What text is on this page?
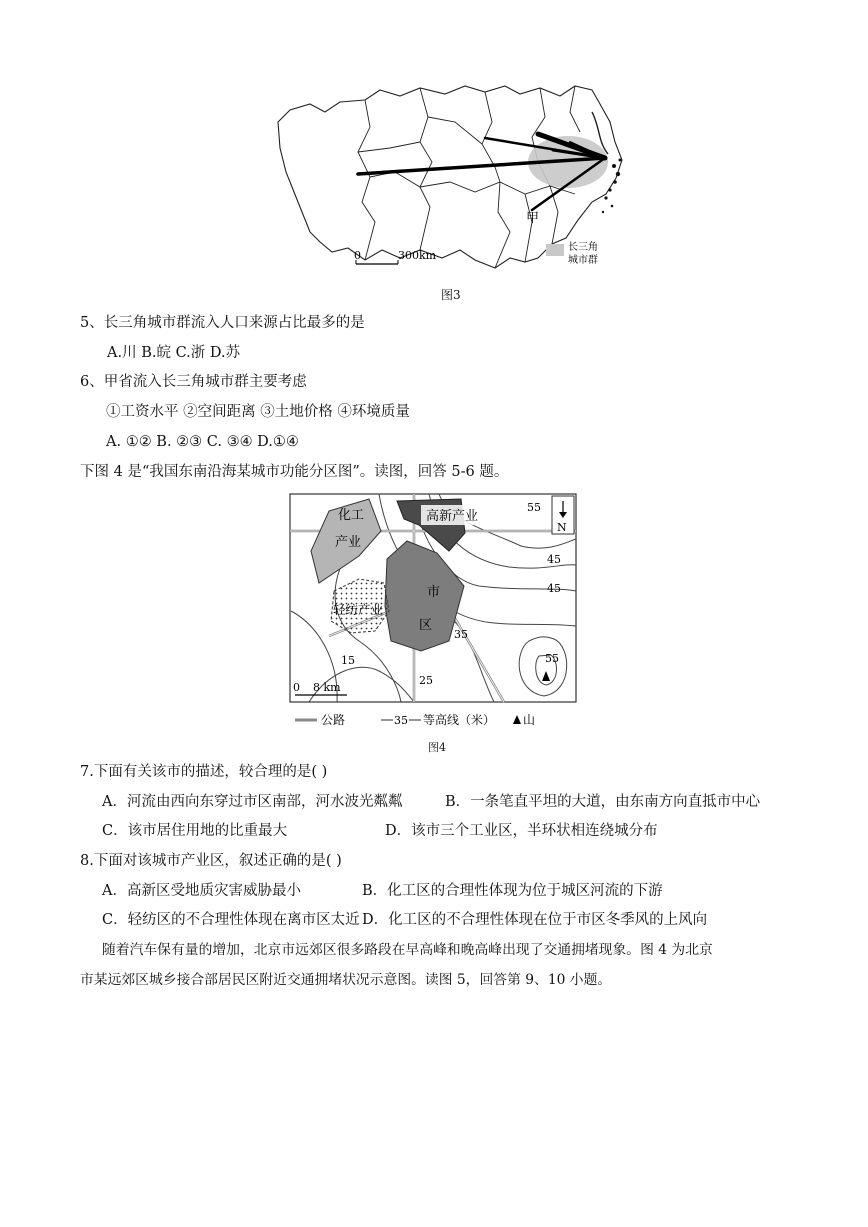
甲
0	300km
长三角
城市群
图3
5、长三角城市群流入人口来源占比最多的是
A.川 B.皖 C.浙 D.苏
6、甲省流入长三角城市群主要考虑
①工资水平 ②空间距离 ③土地价格 ④环境质量
A. ①② B. ②③ C. ③④ D.①④
下图 4 是“我国东南沿海某城市功能分区图”。读图，回答 5-6 题。
化工
产业
高新产业
市
区
轻纺产业
55
45
45
35
55
15
25
N
0 8 km
公路	35 等高线（米） 山
图4
7.下面有关该市的描述，较合理的是( )
A．河流由西向东穿过市区南部，河水波光粼粼	B．一条笔直平坦的大道，由东南方向直抵市中心
C．该市居住用地的比重最大	D．该市三个工业区，半环状相连绕城分布
8.下面对该城市产业区，叙述正确的是( )
A．高新区受地质灾害威胁最小	B．化工区的合理性体现为位于城区河流的下游
C．轻纺区的不合理性体现在离市区太近 D．化工区的不合理性体现在位于市区冬季风的上风向
随着汽车保有量的增加，北京市远郊区很多路段在早高峰和晚高峰出现了交通拥堵现象。图 4 为北京
市某远郊区城乡接合部居民区附近交通拥堵状况示意图。读图 5，回答第 9、10 小题。
